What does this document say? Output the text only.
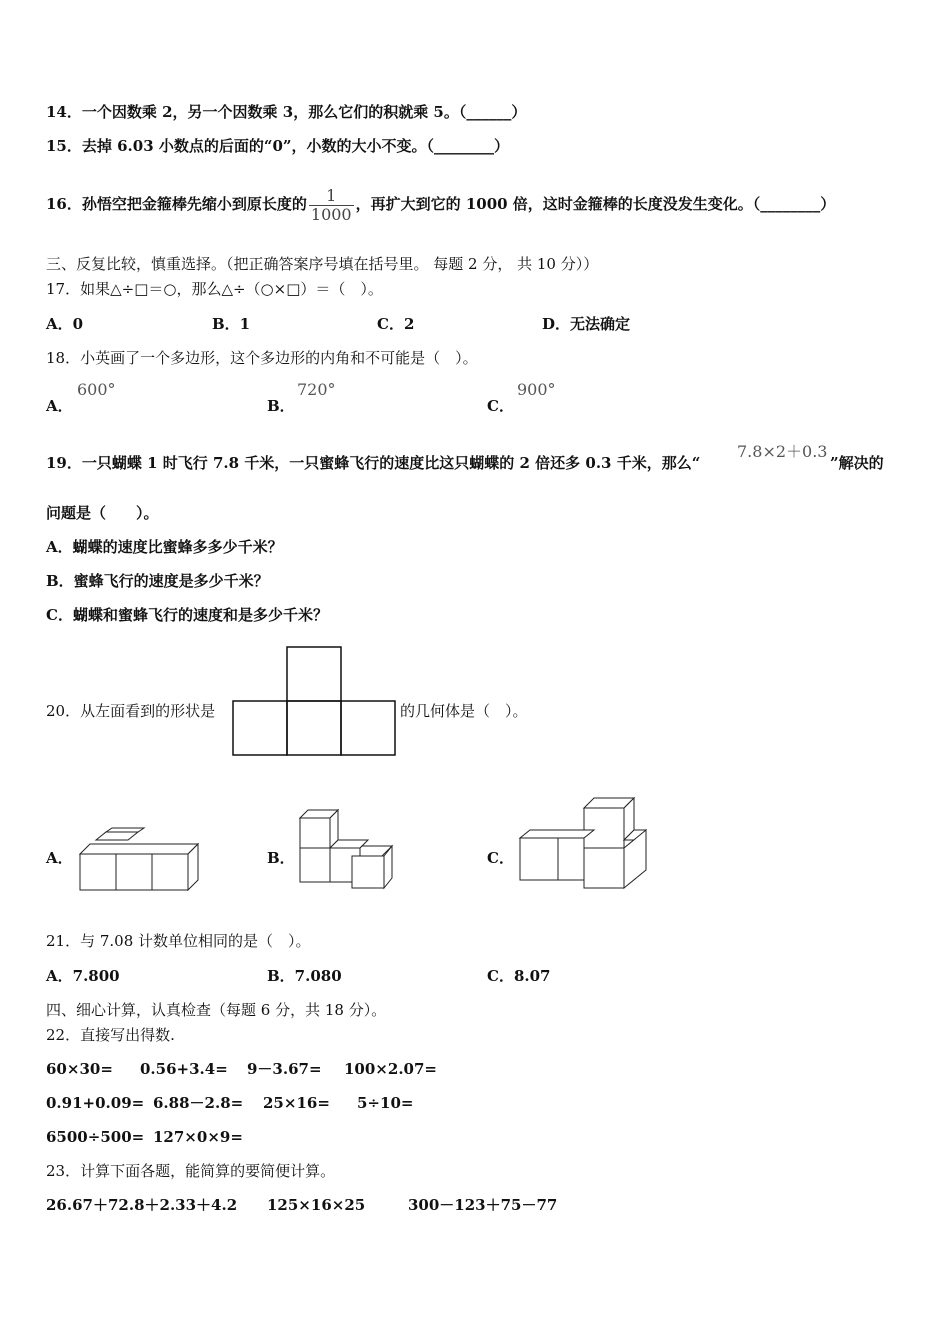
14．一个因数乘 2，另一个因数乘 3，那么它们的积就乘 5。（______）
15．去掉 6.03 小数点的后面的“0”，小数的大小不变。（________）
16．孙悟空把金箍棒先缩小到原长度的 $\frac{1}{1000}$ ，再扩大到它的 1000 倍，这时金箍棒的长度没发生变化。（________）
三、反复比较，慎重选择。（把正确答案序号填在括号里。 每题 2 分， 共 10 分））
17．如果△÷□＝○，那么△÷（○×□）＝（　）。
A．0	B．1	C．2	D．无法确定
18．小英画了一个多边形，这个多边形的内角和不可能是（　）。
A．
600°
B．
720°
C．
900°
19．一只蝴蝶 1 时飞行 7.8 千米，一只蜜蜂飞行的速度比这只蝴蝶的 2 倍还多 0.3 千米，那么“
7.8×2＋0.3
”解决的
问题是（　　）。
A．蝴蝶的速度比蜜蜂多多少千米？
B．蜜蜂飞行的速度是多少千米？
C．蝴蝶和蜜蜂飞行的速度和是多少千米？
20．从左面看到的形状是	的几何体是（　）。
A．	B．	C．
21．与 7.08 计数单位相同的是（　）。
A．7.800	B．7.080	C．8.07
四、细心计算，认真检查（每题 6 分，共 18 分）。
22．直接写出得数.
60×30= 0.56+3.4= 9－3.67= 100×2.07=
0.91+0.09= 6.88－2.8= 25×16= 5÷10=
6500÷500= 127×0×9=
23．计算下面各题，能简算的要简便计算。
26.67＋72.8＋2.33＋4.2 125×16×25	300－123＋75－77
